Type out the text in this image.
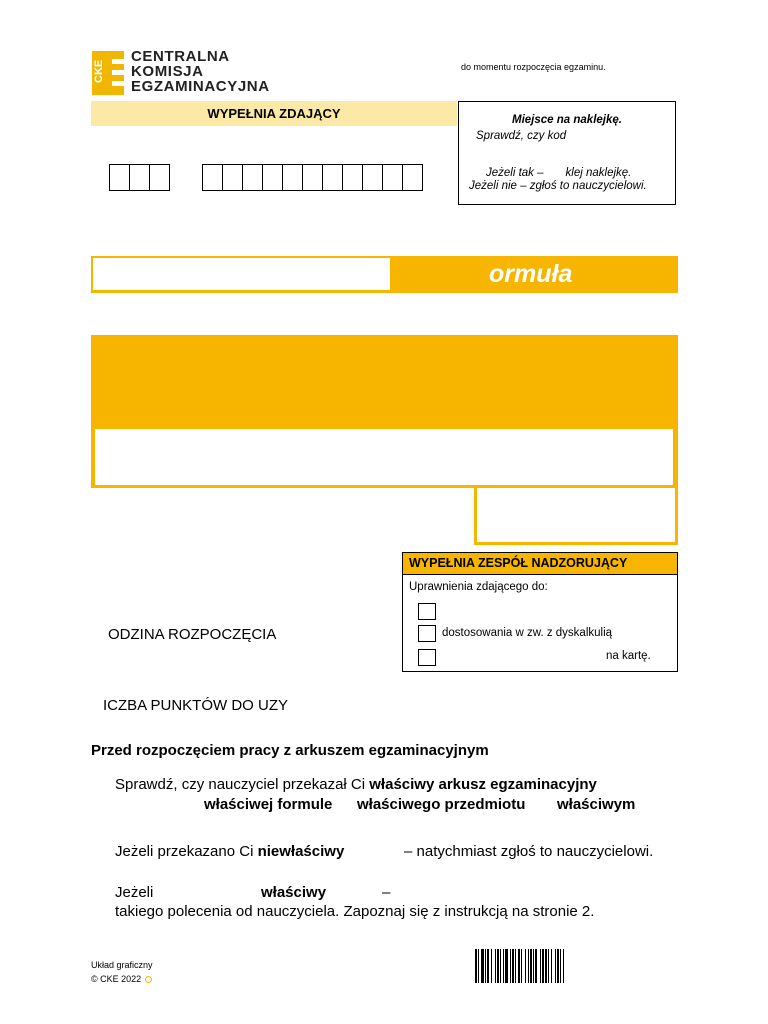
CKE
CENTRALNA
KOMISJA
EGZAMINACYJNA
do momentu rozpoczęcia egzaminu.
WYPEŁNIA ZDAJĄCY	Miejsce na naklejkę.
Sprawdź, czy kod
Jeżeli tak – klej naklejkę.
Jeżeli nie – zgłoś to nauczycielowi.
ormuła
WYPEŁNIA ZESPÓŁ NADZORUJĄCY
Uprawnienia zdającego do:
dostosowania w zw. z dyskalkulią
na kartę.
ODZINA ROZPOCZĘCIA
ICZBA PUNKTÓW DO UZY
Przed rozpoczęciem pracy z arkuszem egzaminacyjnym
Sprawdź, czy nauczyciel przekazał Ci właściwy arkusz egzaminacyjny
właściwej formule właściwego przedmiotu właściwym
Jeżeli przekazano Ci niewłaściwy	– natychmiast zgłoś to nauczycielowi.
Jeżeli	właściwy	–
takiego polecenia od nauczyciela. Zapoznaj się z instrukcją na stronie 2.
Układ graficzny
© CKE 2022
